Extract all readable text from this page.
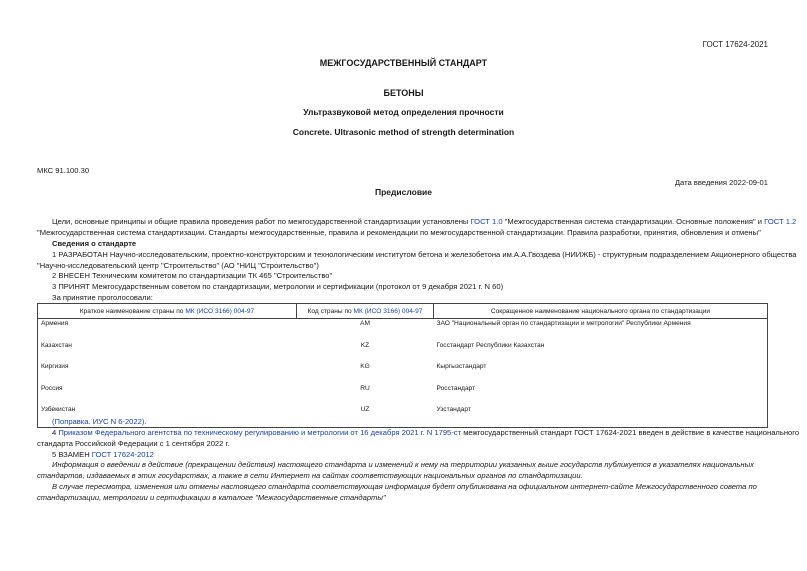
ГОСТ 17624-2021
МЕЖГОСУДАРСТВЕННЫЙ СТАНДАРТ
БЕТОНЫ
Ультразвуковой метод определения прочности
Concrete. Ultrasonic method of strength determination
МКС 91.100.30
Дата введения 2022-09-01
Предисловие
Цели, основные принципы и общие правила проведения работ по межгосударственной стандартизации установлены ГОСТ 1.0 "Межгосударственная система стандартизации. Основные положения" и ГОСТ 1.2
"Межгосударственная система стандартизации. Стандарты межгосударственные, правила и рекомендации по межгосударственной стандартизации. Правила разработки, принятия, обновления и отмены"
Сведения о стандарте
1 РАЗРАБОТАН Научно-исследовательским, проектно-конструкторским и технологическим институтом бетона и железобетона им.А.А.Гвоздева (НИИЖБ) - структурным подразделением Акционерного общества
"Научно-исследовательский центр "Строительство" (АО "НИЦ "Строительство")
2 ВНЕСЕН Техническим комитетом по стандартизации ТК 465 "Строительство"
3 ПРИНЯТ Межгосударственным советом по стандартизации, метрологии и сертификации (протокол от 9 декабря 2021 г. N 60)
За принятие проголосовали:
Краткое наименование страны по МК (ИСО 3166) 004-97	Код страны по МК (ИСО 3166) 004-97	Сокращенное наименование национального органа по стандартизации
Армения	AM	ЗАО "Национальный орган по стандартизации и метрологии" Республики Армения
Казахстан	KZ	Госстандарт Республики Казахстан
Киргизия	KG	Кыргызстандарт
Россия	RU	Росстандарт
Узбекистан	UZ	Узстандарт
(Поправка. ИУС N 6-2022).
4 Приказом Федерального агентства по техническому регулированию и метрологии от 16 декабря 2021 г. N 1795-ст межгосударственный стандарт ГОСТ 17624-2021 введен в действие в качестве национального
стандарта Российской Федерации с 1 сентября 2022 г.
5 ВЗАМЕН ГОСТ 17624-2012
Информация о введении в действие (прекращении действия) настоящего стандарта и изменений к нему на территории указанных выше государств публикуется в указателях национальных
стандартов, издаваемых в этих государствах, а также в сети Интернет на сайтах соответствующих национальных органов по стандартизации.
В случае пересмотра, изменения или отмены настоящего стандарта соответствующая информация будет опубликована на официальном интернет-сайте Межгосударственного совета по
стандартизации, метрологии и сертификации в каталоге "Межгосударственные стандарты"
